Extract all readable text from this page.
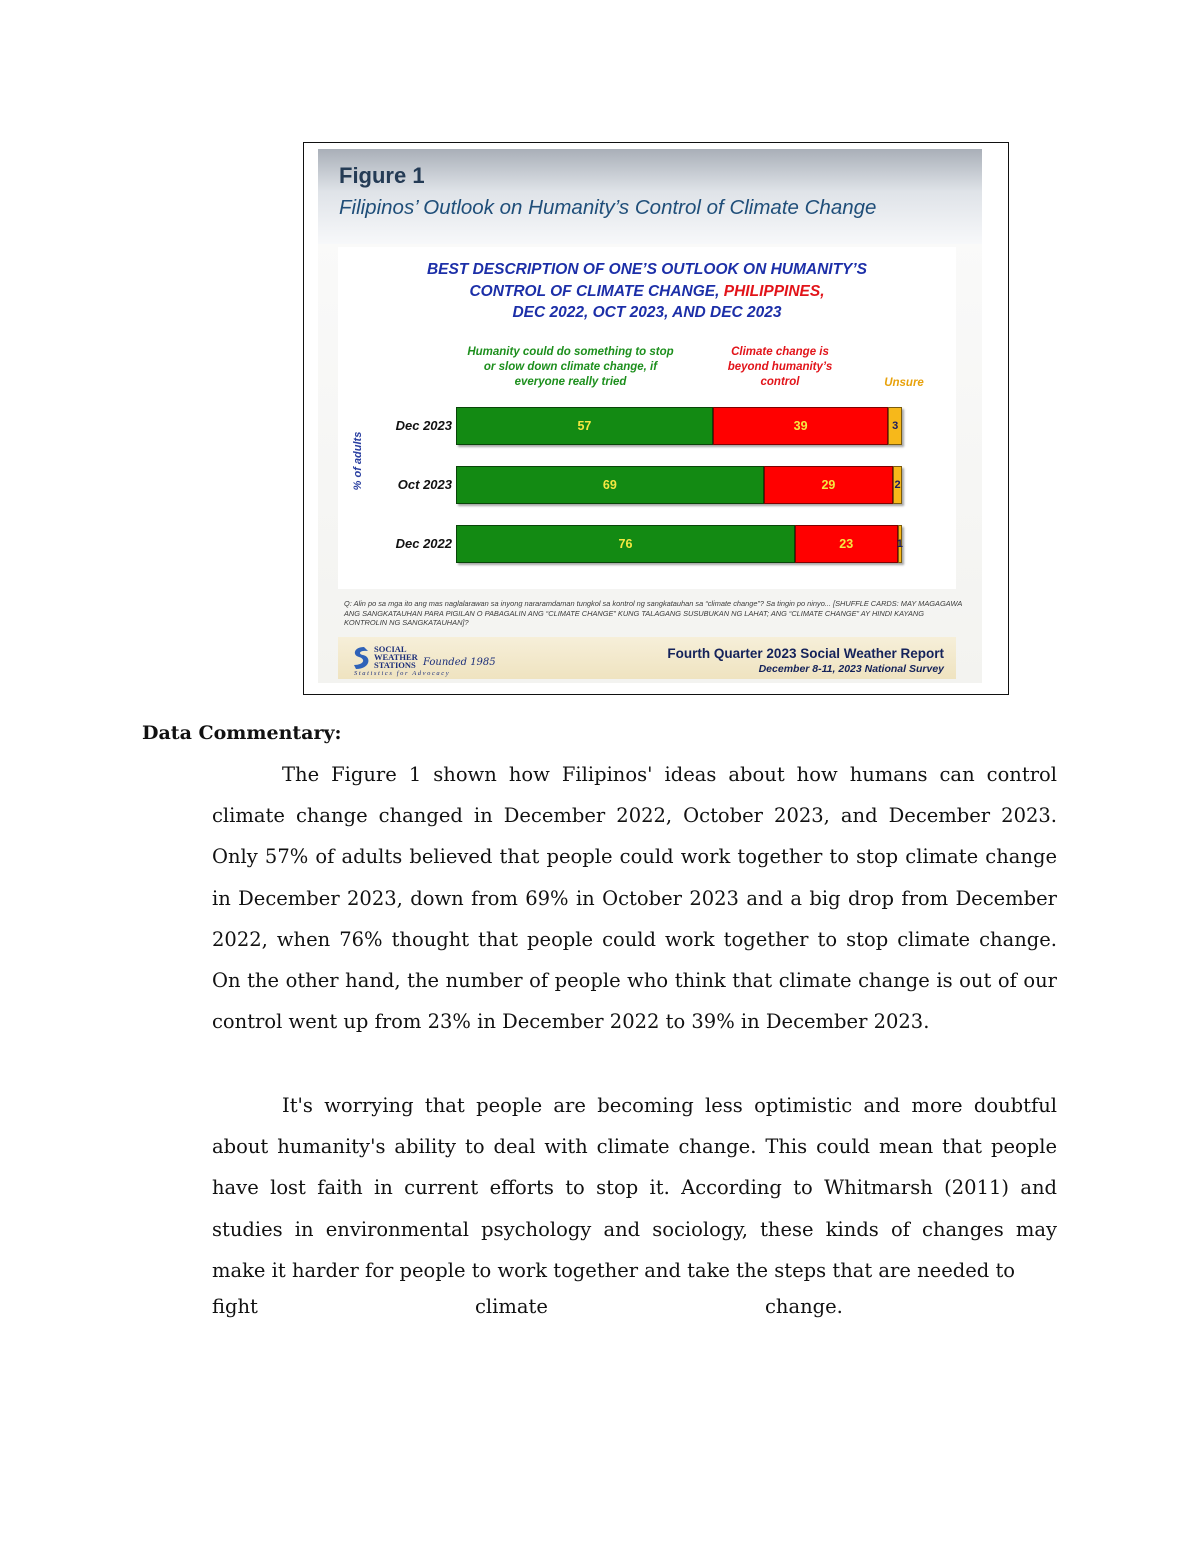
Figure 1
Filipinos’ Outlook on Humanity’s Control of Climate Change
BEST DESCRIPTION OF ONE’S OUTLOOK ON HUMANITY’S
CONTROL OF CLIMATE CHANGE, PHILIPPINES,
DEC 2022, OCT 2023, AND DEC 2023
Humanity could do something to stop or slow down climate change, if everyone really tried
Climate change is beyond humanity’s control	Unsure
% of adults
Dec 2023	57	39	3
Oct 2023	69	29	2
Dec 2022	76	23	1
Q: Alin po sa mga ito ang mas naglalarawan sa inyong nararamdaman tungkol sa kontrol ng sangkatauhan sa “climate change”? Sa tingin po ninyo... [SHUFFLE CARDS: MAY MAGAGAWA ANG SANGKATAUHAN PARA PIGILAN O PABAGALIN ANG “CLIMATE CHANGE” KUNG TALAGANG SUSUBUKAN NG LAHAT; ANG “CLIMATE CHANGE” AY HINDI KAYANG KONTROLIN NG SANGKATAUHAN]?
SOCIAL
WEATHER
STATIONS Founded 1985
Statistics for Advocacy
Fourth Quarter 2023 Social Weather Report
December 8-11, 2023 National Survey
Data Commentary:

The Figure 1 shown how Filipinos' ideas about how humans can control climate change changed in December 2022, October 2023, and December 2023. Only 57% of adults believed that people could work together to stop climate change in December 2023, down from 69% in October 2023 and a big drop from December 2022, when 76% thought that people could work together to stop climate change. On the other hand, the number of people who think that climate change is out of our control went up from 23% in December 2022 to 39% in December 2023.

It's worrying that people are becoming less optimistic and more doubtful about humanity's ability to deal with climate change. This could mean that people have lost faith in current efforts to stop it. According to Whitmarsh (2011) and studies in environmental psychology and sociology, these kinds of changes may make it harder for people to work together and take the steps that are needed to

fight	climate	change.
